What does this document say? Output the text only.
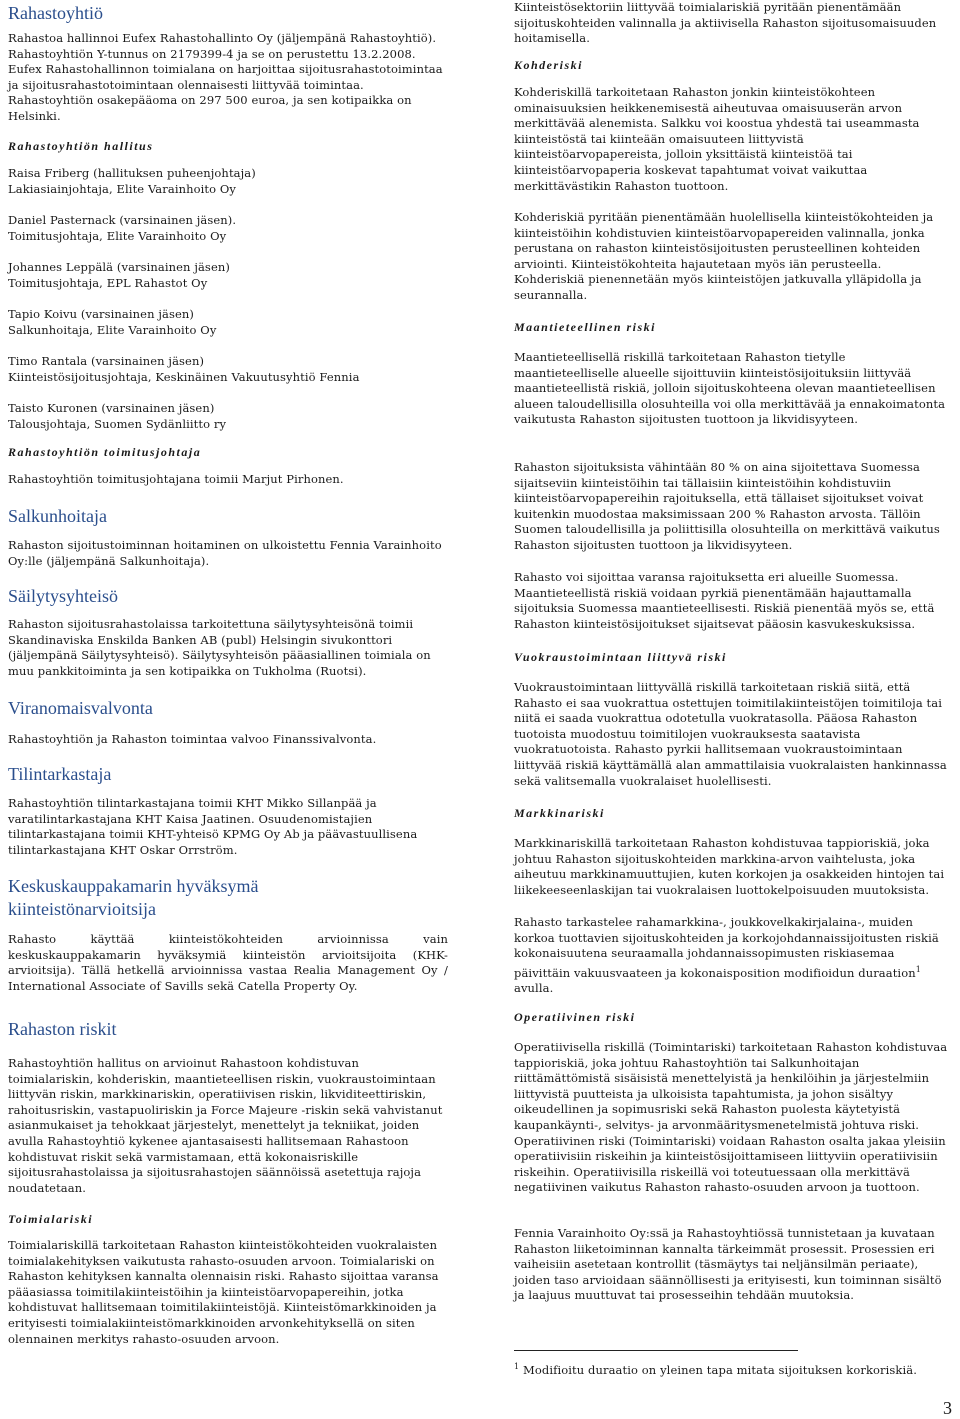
Rahastoyhtiö

Rahastoa hallinnoi Eufex Rahastohallinto Oy (jäljempänä Rahastoyhtiö). Rahastoyhtiön Y-tunnus on 2179399-4 ja se on perustettu 13.2.2008. Eufex Rahastohallinnon toimialana on harjoittaa sijoitusrahastotoimintaa ja sijoitusrahastotoimintaan olennaisesti liittyvää toimintaa. Rahastoyhtiön osakepääoma on 297 500 euroa, ja sen kotipaikka on Helsinki.

Rahastoyhtiön hallitus

Raisa Friberg (hallituksen puheenjohtaja)
Lakiasiainjohtaja, Elite Varainhoito Oy

Daniel Pasternack (varsinainen jäsen).
Toimitusjohtaja, Elite Varainhoito Oy

Johannes Leppälä (varsinainen jäsen)
Toimitusjohtaja, EPL Rahastot Oy

Tapio Koivu (varsinainen jäsen)
Salkunhoitaja, Elite Varainhoito Oy

Timo Rantala (varsinainen jäsen)
Kiinteistösijoitusjohtaja, Keskinäinen Vakuutusyhtiö Fennia

Taisto Kuronen (varsinainen jäsen)
Talousjohtaja, Suomen Sydänliitto ry

Rahastoyhtiön toimitusjohtaja

Rahastoyhtiön toimitusjohtajana toimii Marjut Pirhonen.

Salkunhoitaja

Rahaston sijoitustoiminnan hoitaminen on ulkoistettu Fennia Varainhoito Oy:lle (jäljempänä Salkunhoitaja).

Säilytysyhteisö

Rahaston sijoitusrahastolaissa tarkoitettuna säilytysyhteisönä toimii Skandinaviska Enskilda Banken AB (publ) Helsingin sivukonttori (jäljempänä Säilytysyhteisö). Säilytysyhteisön pääasiallinen toimiala on muu pankkitoiminta ja sen kotipaikka on Tukholma (Ruotsi).

Viranomaisvalvonta

Rahastoyhtiön ja Rahaston toimintaa valvoo Finanssivalvonta.

Tilintarkastaja

Rahastoyhtiön tilintarkastajana toimii KHT Mikko Sillanpää ja varatilintarkastajana KHT Kaisa Jaatinen. Osuudenomistajien tilintarkastajana toimii KHT-yhteisö KPMG Oy Ab ja päävastuullisena tilintarkastajana KHT Oskar Orrström.

Keskuskauppakamarin hyväksymä
kiinteistönarvioitsija

Rahasto käyttää kiinteistökohteiden arvioinnissa vain keskuskauppakamarin hyväksymiä kiinteistön arvioitsijoita (KHK-arvioitsija). Tällä hetkellä arvioinnissa vastaa Realia Management Oy / International Associate of Savills sekä Catella Property Oy.

Rahaston riskit

Rahastoyhtiön hallitus on arvioinut Rahastoon kohdistuvan toimialariskin, kohderiskin, maantieteellisen riskin, vuokraustoimintaan liittyvän riskin, markkinariskin, operatiivisen riskin, likviditeettiriskin, rahoitusriskin, vastapuoliriskin ja Force Majeure -riskin sekä vahvistanut asianmukaiset ja tehokkaat järjestelyt, menettelyt ja tekniikat, joiden avulla Rahastoyhtiö kykenee ajantasaisesti hallitsemaan Rahastoon kohdistuvat riskit sekä varmistamaan, että kokonaisriskille sijoitusrahastolaissa ja sijoitusrahastojen säännöissä asetettuja rajoja noudatetaan.

Toimialariski

Toimialariskillä tarkoitetaan Rahaston kiinteistökohteiden vuokralaisten toimialakehityksen vaikutusta rahasto-osuuden arvoon. Toimialariski on Rahaston kehityksen kannalta olennaisin riski. Rahasto sijoittaa varansa pääasiassa toimitilakiinteistöihin ja kiinteistöarvopapereihin, jotka kohdistuvat hallitsemaan toimitilakiinteistöjä. Kiinteistömarkkinoiden ja erityisesti toimialakiinteistömarkkinoiden arvonkehityksellä on siten olennainen merkitys rahasto-osuuden arvoon.

Kiinteistösektoriin liittyvää toimialariskiä pyritään pienentämään sijoituskohteiden valinnalla ja aktiivisella Rahaston sijoitusomaisuuden hoitamisella.

Kohderiski

Kohderiskillä tarkoitetaan Rahaston jonkin kiinteistökohteen ominaisuuksien heikkenemisestä aiheutuvaa omaisuuserän arvon merkittävää alenemista. Salkku voi koostua yhdestä tai useammasta kiinteistöstä tai kiinteään omaisuuteen liittyvistä kiinteistöarvopapereista, jolloin yksittäistä kiinteistöä tai kiinteistöarvopaperia koskevat tapahtumat voivat vaikuttaa merkittävästikin Rahaston tuottoon.

Kohderiskiä pyritään pienentämään huolellisella kiinteistökohteiden ja kiinteistöihin kohdistuvien kiinteistöarvopapereiden valinnalla, jonka perustana on rahaston kiinteistösijoitusten perusteellinen kohteiden arviointi. Kiinteistökohteita hajautetaan myös iän perusteella. Kohderiskiä pienennetään myös kiinteistöjen jatkuvalla ylläpidolla ja seurannalla.

Maantieteellinen riski

Maantieteellisellä riskillä tarkoitetaan Rahaston tietylle maantieteelliselle alueelle sijoittuviin kiinteistösijoituksiin liittyvää maantieteellistä riskiä, jolloin sijoituskohteena olevan maantieteellisen alueen taloudellisilla olosuhteilla voi olla merkittävää ja ennakoimatonta vaikutusta Rahaston sijoitusten tuottoon ja likvidisyyteen.

Rahaston sijoituksista vähintään 80 % on aina sijoitettava Suomessa sijaitseviin kiinteistöihin tai tällaisiin kiinteistöihin kohdistuviin kiinteistöarvopapereihin rajoituksella, että tällaiset sijoitukset voivat kuitenkin muodostaa maksimissaan 200 % Rahaston arvosta. Tällöin Suomen taloudellisilla ja poliittisilla olosuhteilla on merkittävä vaikutus Rahaston sijoitusten tuottoon ja likvidisyyteen.

Rahasto voi sijoittaa varansa rajoituksetta eri alueille Suomessa. Maantieteellistä riskiä voidaan pyrkiä pienentämään hajauttamalla sijoituksia Suomessa maantieteellisesti. Riskiä pienentää myös se, että Rahaston kiinteistösijoitukset sijaitsevat pääosin kasvukeskuksissa.

Vuokraustoimintaan liittyvä riski

Vuokraustoimintaan liittyvällä riskillä tarkoitetaan riskiä siitä, että Rahasto ei saa vuokrattua ostettujen toimitilakiinteistöjen toimitiloja tai niitä ei saada vuokrattua odotetulla vuokratasolla. Pääosa Rahaston tuotoista muodostuu toimitilojen vuokrauksesta saatavista vuokratuotoista. Rahasto pyrkii hallitsemaan vuokraustoimintaan liittyvää riskiä käyttämällä alan ammattilaisia vuokralaisten hankinnassa sekä valitsemalla vuokralaiset huolellisesti.

Markkinariski

Markkinariskillä tarkoitetaan Rahaston kohdistuvaa tappioriskiä, joka johtuu Rahaston sijoituskohteiden markkina-arvon vaihtelusta, joka aiheutuu markkinamuuttujien, kuten korkojen ja osakkeiden hintojen tai liikekeeseenlaskijan tai vuokralaisen luottokelpoisuuden muutoksista.

Rahasto tarkastelee rahamarkkina-, joukkovelkakirjalaina-, muiden korkoa tuottavien sijoituskohteiden ja korkojohdannaissijoitusten riskiä kokonaisuutena seuraamalla johdannaissopimusten riskiasemaa päivittäin vakuusvaateen ja kokonaisposition modifioidun duraation$^1$ avulla.

Operatiivinen riski

Operatiivisella riskillä (Toimintariski) tarkoitetaan Rahaston kohdistuvaa tappioriskiä, joka johtuu Rahastoyhtiön tai Salkunhoitajan riittämättömistä sisäisistä menettelyistä ja henkilöihin ja järjestelmiin liittyvistä puutteista ja ulkoisista tapahtumista, ja johon sisältyy oikeudellinen ja sopimusriski sekä Rahaston puolesta käytetyistä kaupankäynti-, selvitys- ja arvonmääritysmenetelmistä johtuva riski. Operatiivinen riski (Toimintariski) voidaan Rahaston osalta jakaa yleisiin operatiivisiin riskeihin ja kiinteistösijoittamiseen liittyviin operatiivisiin riskeihin. Operatiivisilla riskeillä voi toteutuessaan olla merkittävä negatiivinen vaikutus Rahaston rahasto-osuuden arvoon ja tuottoon.

Fennia Varainhoito Oy:ssä ja Rahastoyhtiössä tunnistetaan ja kuvataan Rahaston liiketoiminnan kannalta tärkeimmät prosessit. Prosessien eri vaiheisiin asetetaan kontrollit (täsmäytys tai neljänsilmän periaate), joiden taso arvioidaan säännöllisesti ja erityisesti, kun toiminnan sisältö ja laajuus muuttuvat tai prosesseihin tehdään muutoksia.

$^1$ Modifioitu duraatio on yleinen tapa mitata sijoituksen korkoriskiä.

3
